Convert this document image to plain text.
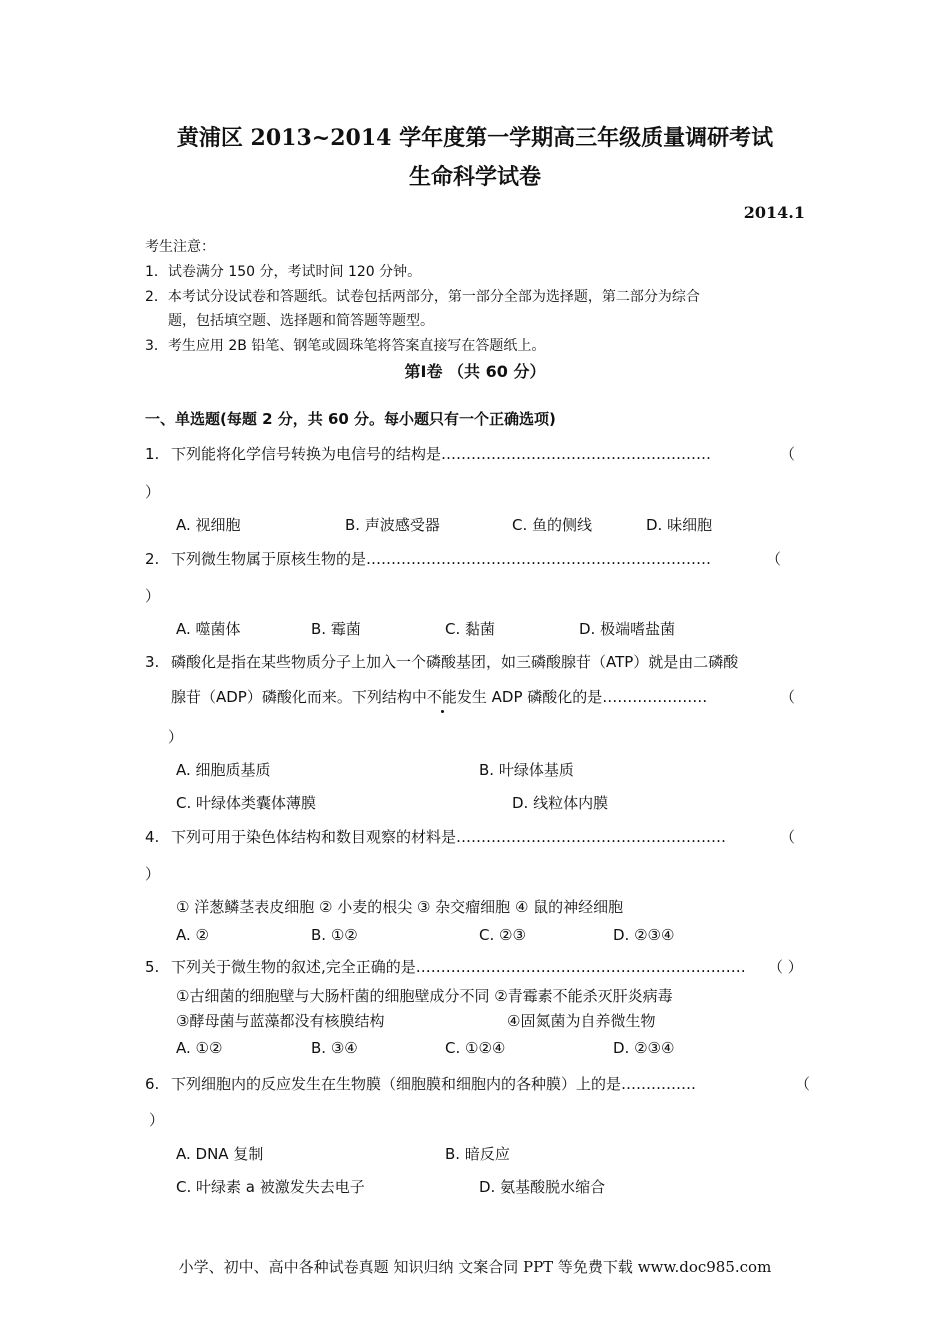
黄浦区 2013~2014 学年度第一学期高三年级质量调研考试
生命科学试卷
2014.1
考生注意：
1．试卷满分 150 分，考试时间 120 分钟。
2．本考试分设试卷和答题纸。试卷包括两部分，第一部分全部为选择题，第二部分为综合
题，包括填空题、选择题和简答题等题型。
3．考生应用 2B 铅笔、钢笔或圆珠笔将答案直接写在答题纸上。
第Ⅰ卷 （共 60 分）
一、单选题(每题 2 分，共 60 分。每小题只有一个正确选项)
1. 下列能将化学信号转换为电信号的结构是………………………………………………	（
）
A. 视细胞	B. 声波感受器	C. 鱼的侧线	D. 味细胞
2. 下列微生物属于原核生物的是……………………………………………………………	（
）
A. 噬菌体	B. 霉菌	C. 黏菌	D. 极端嗜盐菌
3. 磷酸化是指在某些物质分子上加入一个磷酸基团，如三磷酸腺苷（ATP）就是由二磷酸
腺苷（ADP）磷酸化而来。下列结构中不能发生 ADP 磷酸化的是…………………	（
）
A. 细胞质基质	B. 叶绿体基质
C. 叶绿体类囊体薄膜	D. 线粒体内膜
4. 下列可用于染色体结构和数目观察的材料是………………………………………………	（
）
① 洋葱鳞茎表皮细胞 ② 小麦的根尖 ③ 杂交瘤细胞 ④ 鼠的神经细胞
A. ②	B. ①②	C. ②③	D. ②③④
5. 下列关于微生物的叙述,完全正确的是………………………………………………………… （ ）
①古细菌的细胞壁与大肠杆菌的细胞壁成分不同 ②青霉素不能杀灭肝炎病毒
③酵母菌与蓝藻都没有核膜结构	④固氮菌为自养微生物
A. ①②	B. ③④	C. ①②④	D. ②③④
6. 下列细胞内的反应发生在生物膜（细胞膜和细胞内的各种膜）上的是……………	（
）
A. DNA 复制	B. 暗反应
C. 叶绿素 a 被激发失去电子	D. 氨基酸脱水缩合
小学、初中、高中各种试卷真题 知识归纳 文案合同 PPT 等免费下载 www.doc985.com
